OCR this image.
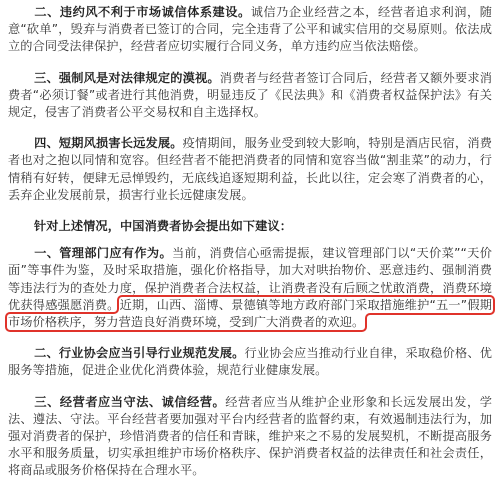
二、违约风不利于市场诚信体系建设。诚信乃企业经营之本，经营者追求利润，随意“砍单”，毁弃与消费者已签订的合同，完全违背了公平和诚实信用的交易原则。依法成立的合同受法律保护，经营者应切实履行合同义务，单方违约应当依法赔偿。

三、强制风是对法律规定的漠视。消费者与经营者签订合同后，经营者又额外要求消费者“必须订餐”或者进行其他消费，明显违反了《民法典》和《消费者权益保护法》有关规定，侵害了消费者公平交易权和自主选择权。

四、短期风损害长远发展。疫情期间，服务业受到较大影响，特别是酒店民宿，消费者也对之抱以同情和宽容。但经营者不能把消费者的同情和宽容当做“割韭菜”的动力，行情稍有好转，便肆无忌惮毁约，无底线追逐短期利益，长此以往，定会寒了消费者的心，丢弃企业发展前景，损害行业长远健康发展。

针对上述情况，中国消费者协会提出如下建议：

一、管理部门应有作为。当前，消费信心亟需提振，建议管理部门以“天价菜”“天价面”等事件为鉴，及时采取措施，强化价格指导，加大对哄抬物价、恶意违约、强制消费等违法行为的查处力度，保护消费者合法权益，让消费者没有后顾之忧敢消费，消费环境优获得感强愿消费。近期，山西、淄博、景德镇等地方政府部门采取措施维护“五一”假期市场价格秩序，努力营造良好消费环境，受到广大消费者的欢迎。

二、行业协会应当引导行业规范发展。行业协会应当推动行业自律，采取稳价格、优服务等措施，促进企业优化消费体验，规范行业健康发展。

三、经营者应当守法、诚信经营。经营者应当从维护企业形象和长远发展出发，学法、遵法、守法。平台经营者要加强对平台内经营者的监督约束，有效遏制违法行为，加强对消费者的保护，珍惜消费者的信任和青睐，维护来之不易的发展契机，不断提高服务水平和服务质量，切实承担维护市场价格秩序、保护消费者权益的法律责任和社会责任，将商品或服务价格保持在合理水平。
